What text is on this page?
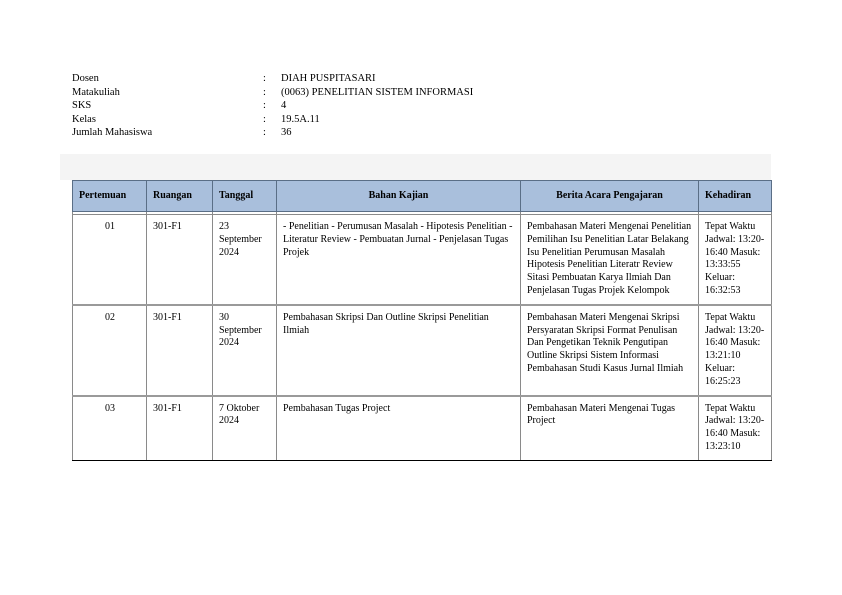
Dosen	:	DIAH PUSPITASARI
Matakuliah	:	(0063) PENELITIAN SISTEM INFORMASI
SKS	:	4
Kelas	:	19.5A.11
Jumlah Mahasiswa	:	36
Pertemuan	Ruangan	Tanggal	Bahan Kajian	Berita Acara Pengajaran	Kehadiran

01	301-F1	23 September 2024	- Penelitian - Perumusan Masalah - Hipotesis Penelitian - Literatur Review - Pembuatan Jurnal - Penjelasan Tugas Projek	Pembahasan Materi Mengenai Penelitian Pemilihan Isu Penelitian Latar Belakang Isu Penelitian Perumusan Masalah Hipotesis Penelitian Literatr Review Sitasi Pembuatan Karya Ilmiah Dan Penjelasan Tugas Projek Kelompok	Tepat Waktu Jadwal: 13:20-16:40 Masuk: 13:33:55 Keluar: 16:32:53
02	301-F1	30 September 2024	Pembahasan Skripsi Dan Outline Skripsi Penelitian Ilmiah	Pembahasan Materi Mengenai Skripsi Persyaratan Skripsi Format Penulisan Dan Pengetikan Teknik Pengutipan Outline Skripsi Sistem Informasi Pembahasan Studi Kasus Jurnal Ilmiah	Tepat Waktu Jadwal: 13:20-16:40 Masuk: 13:21:10 Keluar: 16:25:23
03	301-F1	7 Oktober 2024	Pembahasan Tugas Project	Pembahasan Materi Mengenai Tugas Project	Tepat Waktu Jadwal: 13:20-16:40 Masuk: 13:23:10
